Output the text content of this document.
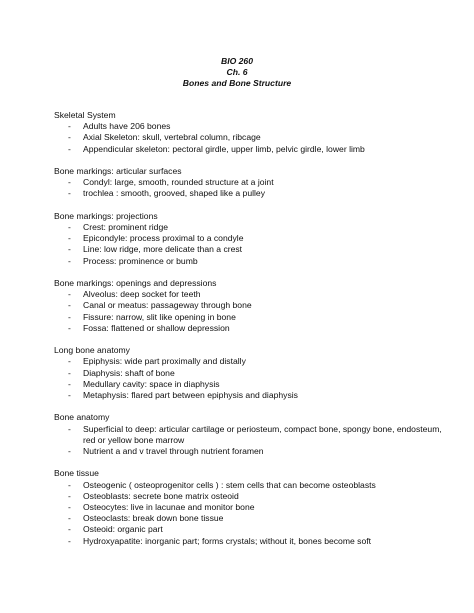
BIO 260
Ch. 6
Bones and Bone Structure
Skeletal System
- Adults have 206 bones
- Axial Skeleton: skull, vertebral column, ribcage
- Appendicular skeleton: pectoral girdle, upper limb, pelvic girdle, lower limb
Bone markings: articular surfaces
- Condyl: large, smooth, rounded structure at a joint
- trochlea : smooth, grooved, shaped like a pulley
Bone markings: projections
- Crest: prominent ridge
- Epicondyle: process proximal to a condyle
- Line: low ridge, more delicate than a crest
- Process: prominence or bumb
Bone markings: openings and depressions
- Alveolus: deep socket for teeth
- Canal or meatus: passageway through bone
- Fissure: narrow, slit like opening in bone
- Fossa: flattened or shallow depression
Long bone anatomy
- Epiphysis: wide part proximally and distally
- Diaphysis: shaft of bone
- Medullary cavity: space in diaphysis
- Metaphysis: flared part between epiphysis and diaphysis
Bone anatomy
- Superficial to deep: articular cartilage or periosteum, compact bone, spongy bone, endosteum, red or yellow bone marrow
- Nutrient a and v travel through nutrient foramen
Bone tissue
- Osteogenic ( osteoprogenitor cells ) : stem cells that can become osteoblasts
- Osteoblasts: secrete bone matrix osteoid
- Osteocytes: live in lacunae and monitor bone
- Osteoclasts: break down bone tissue
- Osteoid: organic part
- Hydroxyapatite: inorganic part; forms crystals; without it, bones become soft
